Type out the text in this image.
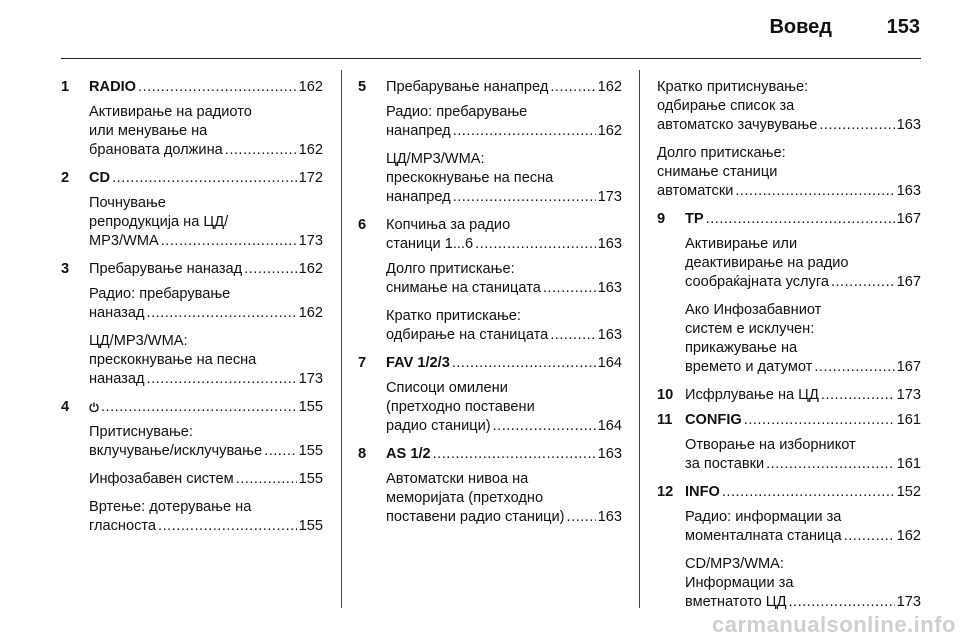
Вовед	153
1	RADIO .....	162
Активирање на радиото
или менување на
брановата должина .....	162
2	CD .....	172
Почнување
репродукција на ЦД/
MP3/WMA .....	173
3	Пребарување наназад .....	162
Радио: пребарување
наназад .....	162
ЦД/MP3/WMA:
прескокнување на песна
наназад .....	173
4 .....	155
Притиснување:
вклучување/исклучување .....	155
Инфозабавен систем .....	155
Вртење: дотерување на
гласноста .....	155
5	Пребарување нанапред .....	162
Радио: пребарување
нанапред .....	162
ЦД/MP3/WMA:
прескокнување на песна
нанапред .....	173
6	Копчиња за радио
станици 1...6 .....	163
Долго притискање:
снимање на станицата .....	163
Кратко притискање:
одбирање на станицата .....	163
7	FAV 1/2/3 .....	164
Списоци омилени
(претходно поставени
радио станици) .....	164
8	AS 1/2 .....	163
Автоматски нивоа на
меморијата (претходно
поставени радио станици) ..... 163
Кратко притиснување:
одбирање список за
автоматско зачувување .....	163
Долго притискање:
снимање станици
автоматски .....	163
9	TP .....	167
Активирање или
деактивирање на радио
сообраќајната услуга .....	167
Ако Инфозабавниот
систем е исклучен:
прикажување на
времето и датумот .....	167
10 Исфрлување на ЦД .....	173
11 CONFIG .....	161
Отворање на изборникот
за поставки .....	161
12 INFO .....	152
Радио: информации за
моменталната станица .....	162
CD/MP3/WMA:
Информации за
вметнатото ЦД .....	173
carmanualsonline.info
